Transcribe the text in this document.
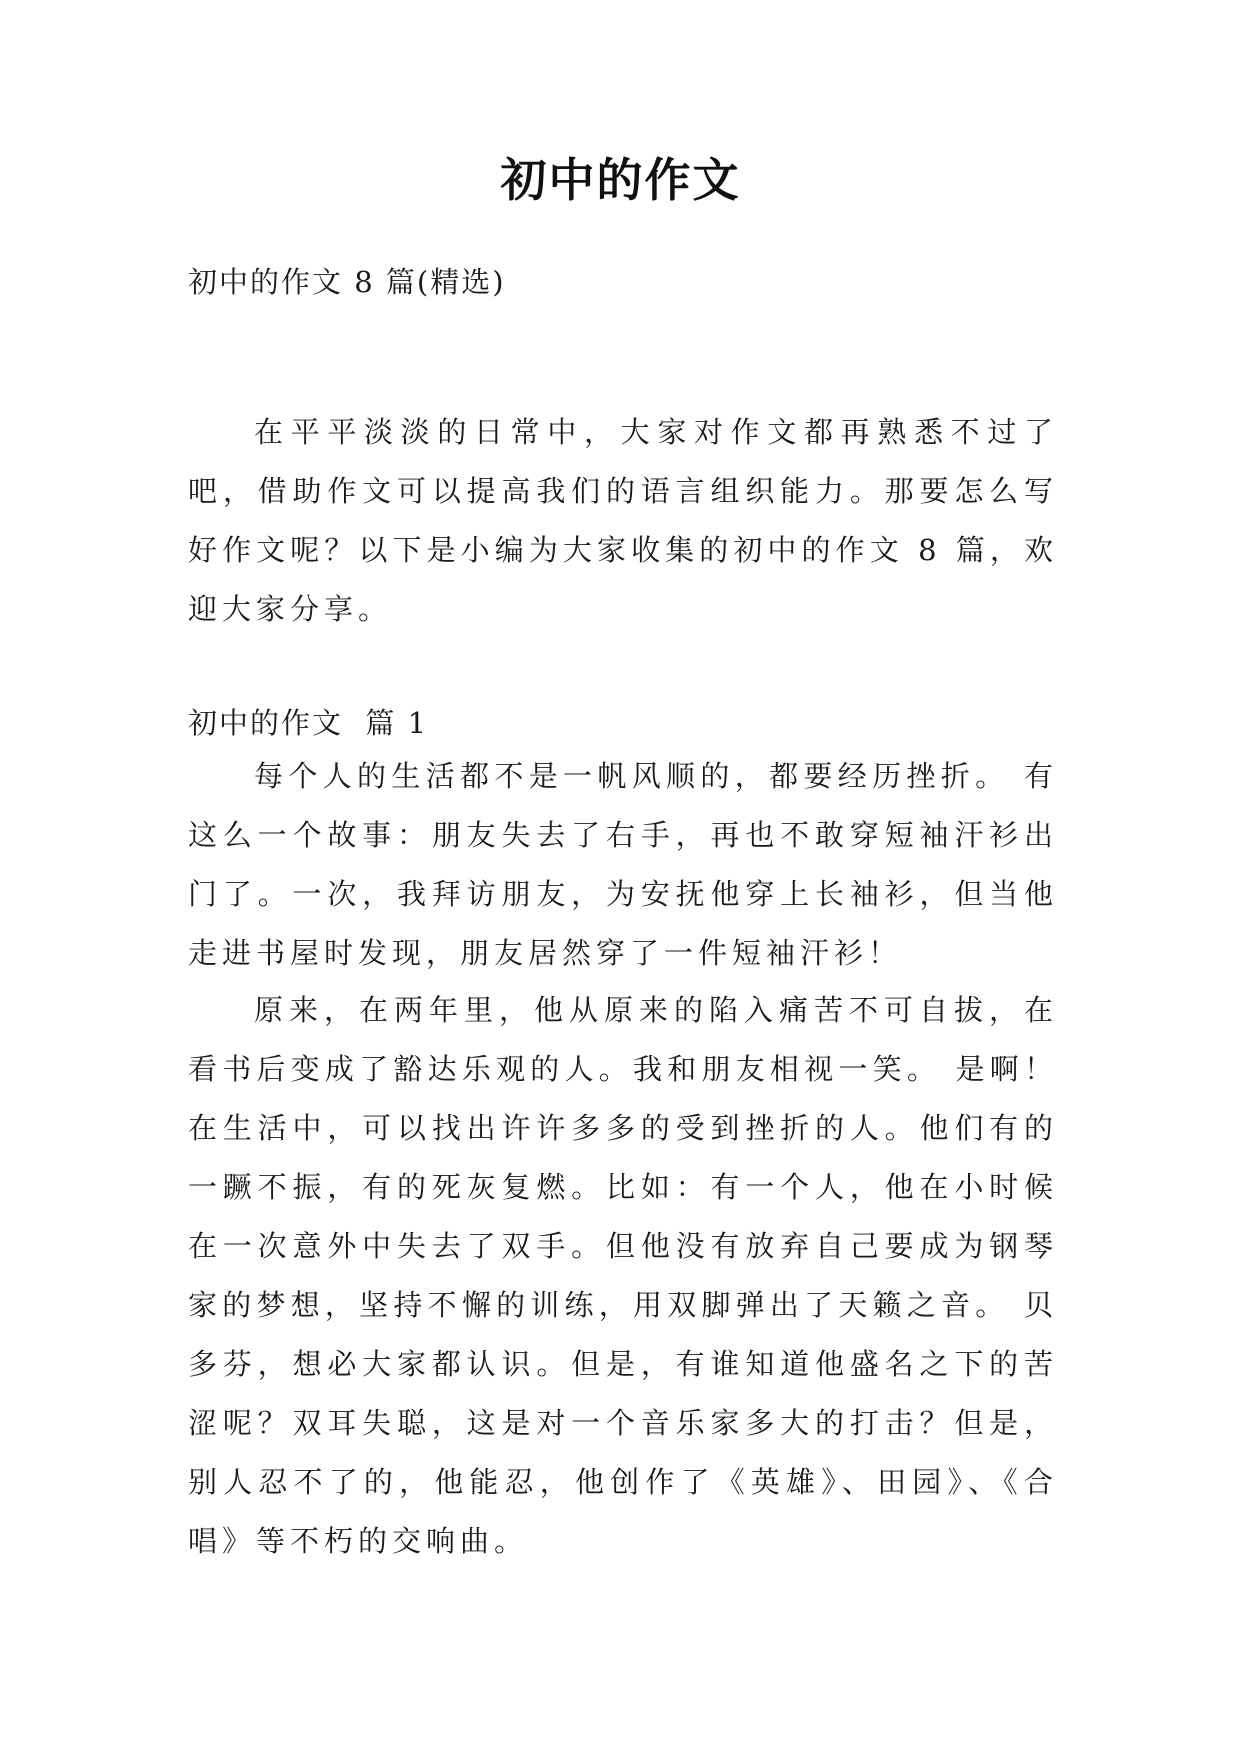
初中的作文
初中的作文 8 篇(精选)
在平平淡淡的日常中，大家对作文都再熟悉不过了吧，借助作文可以提高我们的语言组织能力。那要怎么写好作文呢？以下是小编为大家收集的初中的作文 8 篇，欢迎大家分享。
初中的作文  篇 1
每个人的生活都不是一帆风顺的，都要经历挫折。 有这么一个故事：朋友失去了右手，再也不敢穿短袖汗衫出门了。一次，我拜访朋友，为安抚他穿上长袖衫，但当他走进书屋时发现，朋友居然穿了一件短袖汗衫！
原来，在两年里，他从原来的陷入痛苦不可自拔，在看书后变成了豁达乐观的人。我和朋友相视一笑。 是啊！在生活中，可以找出许许多多的受到挫折的人。他们有的一蹶不振，有的死灰复燃。比如：有一个人，他在小时候在一次意外中失去了双手。但他没有放弃自己要成为钢琴家的梦想，坚持不懈的训练，用双脚弹出了天籁之音。 贝多芬，想必大家都认识。但是，有谁知道他盛名之下的苦涩呢？双耳失聪，这是对一个音乐家多大的打击？但是，别人忍不了的，他能忍，他创作了《英雄》、田园》、《合唱》等不朽的交响曲。
